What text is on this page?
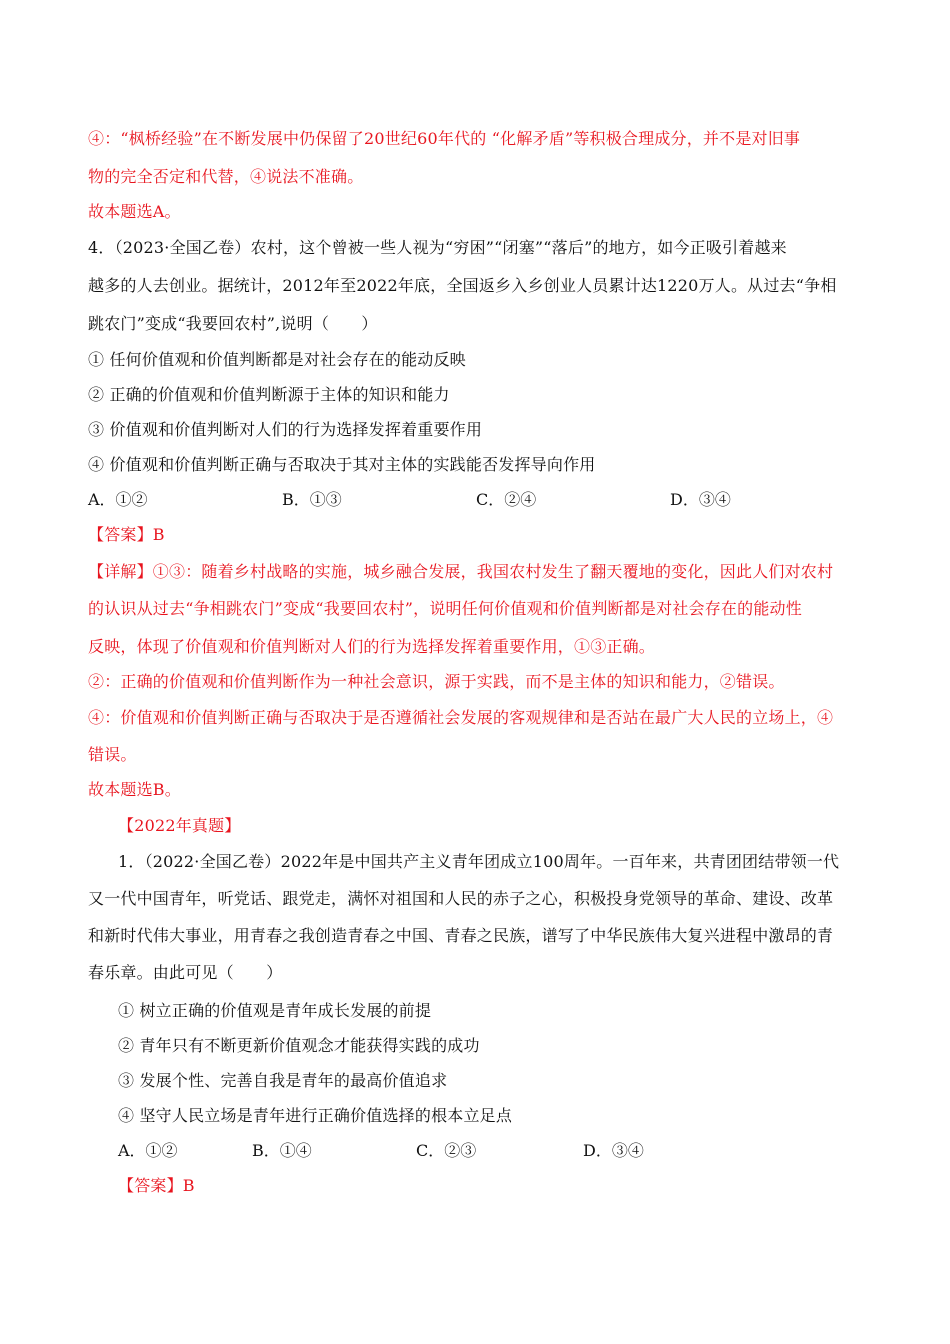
④：“枫桥经验”在不断发展中仍保留了20世纪60年代的 “化解矛盾”等积极合理成分，并不是对旧事
物的完全否定和代替，④说法不准确。
故本题选A。
4．（2023·全国乙卷）农村，这个曾被一些人视为“穷困”“闭塞”“落后”的地方，如今正吸引着越来
越多的人去创业。据统计，2012年至2022年底，全国返乡入乡创业人员累计达1220万人。从过去“争相
跳农门”变成“我要回农村”,说明（　　）
① 任何价值观和价值判断都是对社会存在的能动反映
② 正确的价值观和价值判断源于主体的知识和能力
③ 价值观和价值判断对人们的行为选择发挥着重要作用
④ 价值观和价值判断正确与否取决于其对主体的实践能否发挥导向作用
A．①②	B．①③	C．②④	D．③④
【答案】B
【详解】①③：随着乡村战略的实施，城乡融合发展，我国农村发生了翻天覆地的变化，因此人们对农村
的认识从过去“争相跳农门”变成“我要回农村”，说明任何价值观和价值判断都是对社会存在的能动性
反映，体现了价值观和价值判断对人们的行为选择发挥着重要作用，①③正确。
②：正确的价值观和价值判断作为一种社会意识，源于实践，而不是主体的知识和能力，②错误。
④：价值观和价值判断正确与否取决于是否遵循社会发展的客观规律和是否站在最广大人民的立场上，④
错误。
故本题选B。
【2022年真题】
1．（2022·全国乙卷）2022年是中国共产主义青年团成立100周年。一百年来，共青团团结带领一代
又一代中国青年，听党话、跟党走，满怀对祖国和人民的赤子之心，积极投身党领导的革命、建设、改革
和新时代伟大事业，用青春之我创造青春之中国、青春之民族，谱写了中华民族伟大复兴进程中激昂的青
春乐章。由此可见（　　）
① 树立正确的价值观是青年成长发展的前提
② 青年只有不断更新价值观念才能获得实践的成功
③ 发展个性、完善自我是青年的最高价值追求
④ 坚守人民立场是青年进行正确价值选择的根本立足点
A．①②	B．①④	C．②③	D．③④
【答案】B
